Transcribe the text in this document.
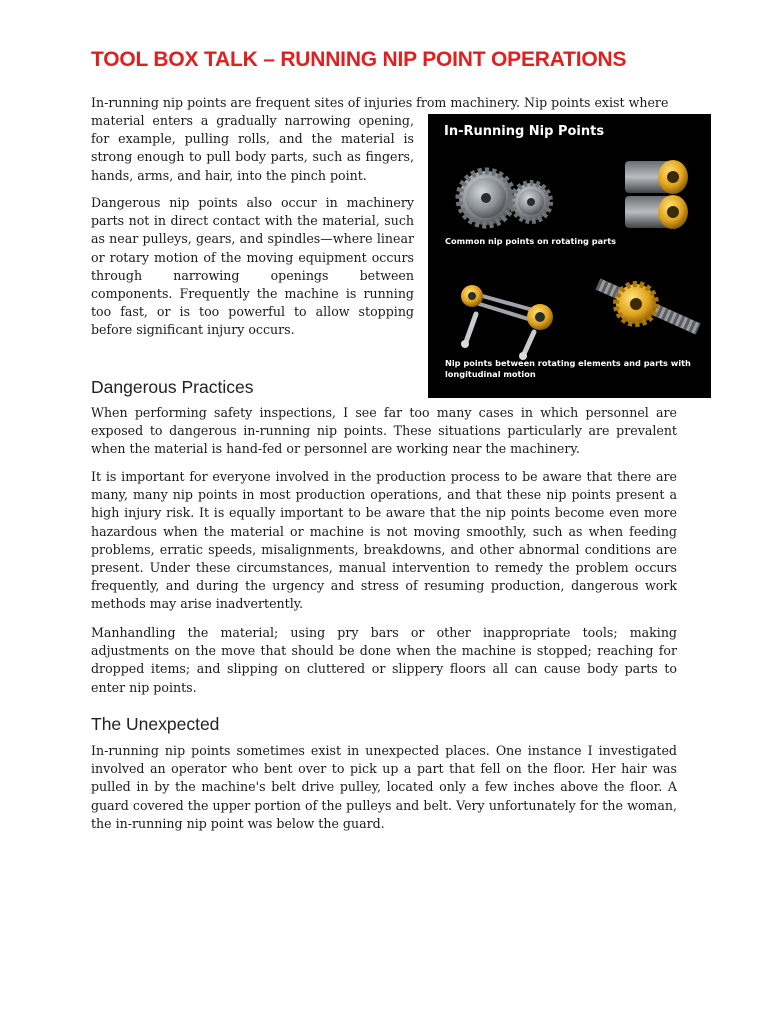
TOOL BOX TALK – RUNNING NIP POINT OPERATIONS

In-running nip points are frequent sites of injuries from machinery. Nip points exist where

material enters a gradually narrowing opening, for example, pulling rolls, and the material is strong enough to pull body parts, such as fingers, hands, arms, and hair, into the pinch point.

Dangerous nip points also occur in machinery parts not in direct contact with the material, such as near pulleys, gears, and spindles—where linear or rotary motion of the moving equipment occurs through narrowing openings between components. Frequently the machine is running too fast, or is too powerful to allow stopping before significant injury occurs.

In-Running Nip Points

Common nip points on rotating parts

Nip points between rotating elements and parts with longitudinal motion

Dangerous Practices

When performing safety inspections, I see far too many cases in which personnel are exposed to dangerous in-running nip points. These situations particularly are prevalent when the material is hand-fed or personnel are working near the machinery.

It is important for everyone involved in the production process to be aware that there are many, many nip points in most production operations, and that these nip points present a high injury risk. It is equally important to be aware that the nip points become even more hazardous when the material or machine is not moving smoothly, such as when feeding problems, erratic speeds, misalignments, breakdowns, and other abnormal conditions are present. Under these circumstances, manual intervention to remedy the problem occurs frequently, and during the urgency and stress of resuming production, dangerous work methods may arise inadvertently.

Manhandling the material; using pry bars or other inappropriate tools; making adjustments on the move that should be done when the machine is stopped; reaching for dropped items; and slipping on cluttered or slippery floors all can cause body parts to enter nip points.

The Unexpected

In-running nip points sometimes exist in unexpected places. One instance I investigated involved an operator who bent over to pick up a part that fell on the floor. Her hair was pulled in by the machine's belt drive pulley, located only a few inches above the floor. A guard covered the upper portion of the pulleys and belt. Very unfortunately for the woman, the in-running nip point was below the guard.
